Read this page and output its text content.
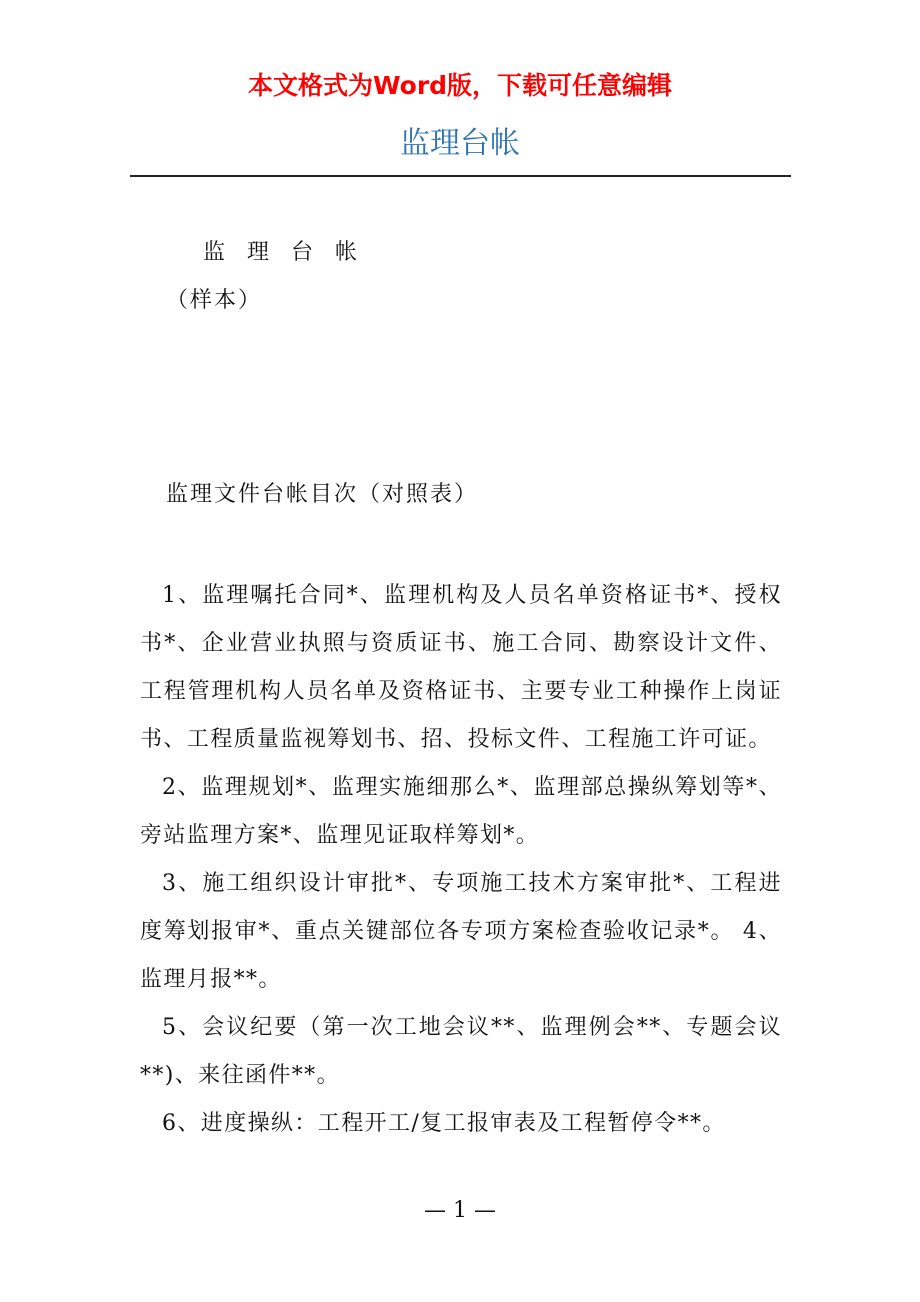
本文格式为Word版，下载可任意编辑
监理台帐
监理台帐
（样本）
监理文件台帐目次（对照表）

1、监理嘱托合同*、监理机构及人员名单资格证书*、授权书*、企业营业执照与资质证书、施工合同、勘察设计文件、工程管理机构人员名单及资格证书、主要专业工种操作上岗证书、工程质量监视筹划书、招、投标文件、工程施工许可证。

2、监理规划*、监理实施细那么*、监理部总操纵筹划等*、旁站监理方案*、监理见证取样筹划*。

3、施工组织设计审批*、专项施工技术方案审批*、工程进度筹划报审*、重点关键部位各专项方案检查验收记录*。 4、监理月报**。

5、会议纪要（第一次工地会议**、监理例会**、专题会议**)、来往函件**。

6、进度操纵：工程开工/复工报审表及工程暂停令**。

— 1 —
